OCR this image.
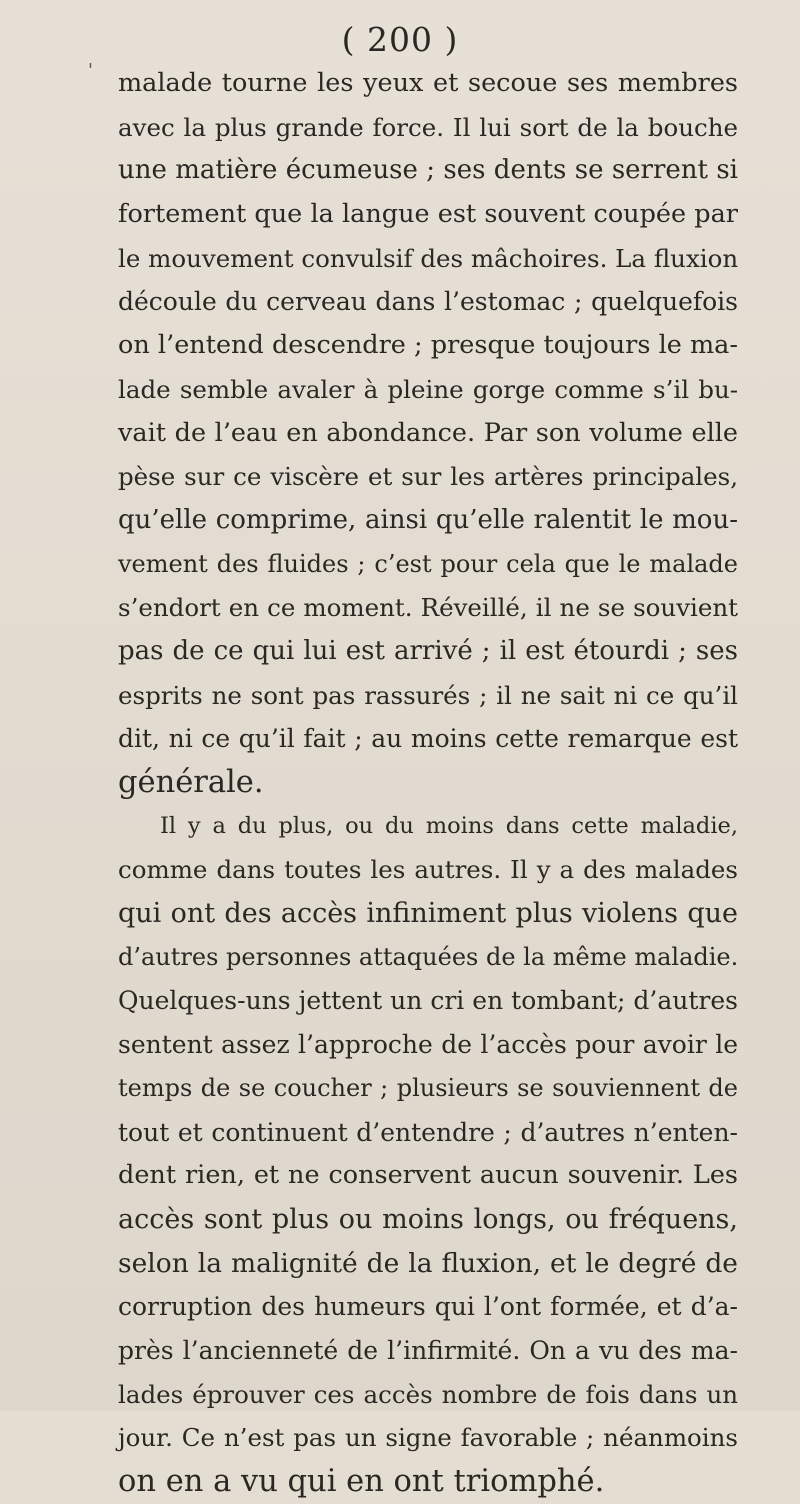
( 200 )
' malade tourne les yeux et secoue ses membres
avec la plus grande force. Il lui sort de la bouche
une matière écumeuse ; ses dents se serrent si
fortement que la langue est souvent coupée par
le mouvement convulsif des mâchoires. La fluxion
découle du cerveau dans l’estomac ; quelquefois
on l’entend descendre ; presque toujours le ma-
lade semble avaler à pleine gorge comme s’il bu-
vait de l’eau en abondance. Par son volume elle
pèse sur ce viscère et sur les artères principales,
qu’elle comprime, ainsi qu’elle ralentit le mou-
vement des fluides ; c’est pour cela que le malade
s’endort en ce moment. Réveillé, il ne se souvient
pas de ce qui lui est arrivé ; il est étourdi ; ses
esprits ne sont pas rassurés ; il ne sait ni ce qu’il
dit, ni ce qu’il fait ; au moins cette remarque est
générale.
Il y a du plus, ou du moins dans cette maladie,
comme dans toutes les autres. Il y a des malades
qui ont des accès infiniment plus violens que
d’autres personnes attaquées de la même maladie.
Quelques-uns jettent un cri en tombant; d’autres
sentent assez l’approche de l’accès pour avoir le
temps de se coucher ; plusieurs se souviennent de
tout et continuent d’entendre ; d’autres n’enten-
dent rien, et ne conservent aucun souvenir. Les
accès sont plus ou moins longs, ou fréquens,
selon la malignité de la fluxion, et le degré de
corruption des humeurs qui l’ont formée, et d’a-
près l’ancienneté de l’infirmité. On a vu des ma-
lades éprouver ces accès nombre de fois dans un
jour. Ce n’est pas un signe favorable ; néanmoins
on en a vu qui en ont triomphé.
